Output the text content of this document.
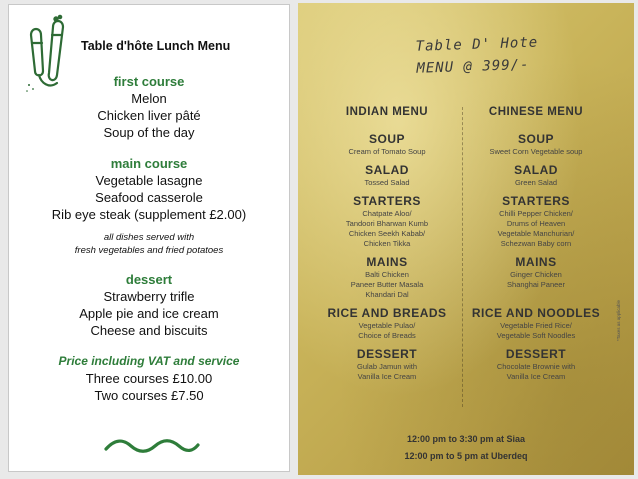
Table d'hôte Lunch Menu
first course
Melon
Chicken liver pâté
Soup of the day
main course
Vegetable lasagne
Seafood casserole
Rib eye steak (supplement £2.00)
all dishes served with
fresh vegetables and fried potatoes
dessert
Strawberry trifle
Apple pie and ice cream
Cheese and biscuits
Price including VAT and service
Three courses £10.00
Two courses £7.50
Table D' Hote
MENU @ 399/-
INDIAN MENU
SOUP
Cream of Tomato Soup
SALAD
Tossed Salad
STARTERS
Chatpate Aloo/
Tandoori Bharwan Kumb
Chicken Seekh Kabab/
Chicken Tikka
MAINS
Balti Chicken
Paneer Butter Masala
Khandari Dal
RICE AND BREADS
Vegetable Pulao/
Choice of Breads
DESSERT
Gulab Jamun with
Vanilla Ice Cream
CHINESE MENU
SOUP
Sweet Corn Vegetable soup
SALAD
Green Salad
STARTERS
Chilli Pepper Chicken/
Drums of Heaven
Vegetable Manchurian/
Schezwan Baby corn
MAINS
Ginger Chicken
Shanghai Paneer
RICE AND NOODLES
Vegetable Fried Rice/
Vegetable Soft Noodles
DESSERT
Chocolate Brownie with
Vanilla Ice Cream
*Taxes as applicable
12:00 pm to 3:30 pm at Siaa
12:00 pm to 5 pm at Uberdeq
